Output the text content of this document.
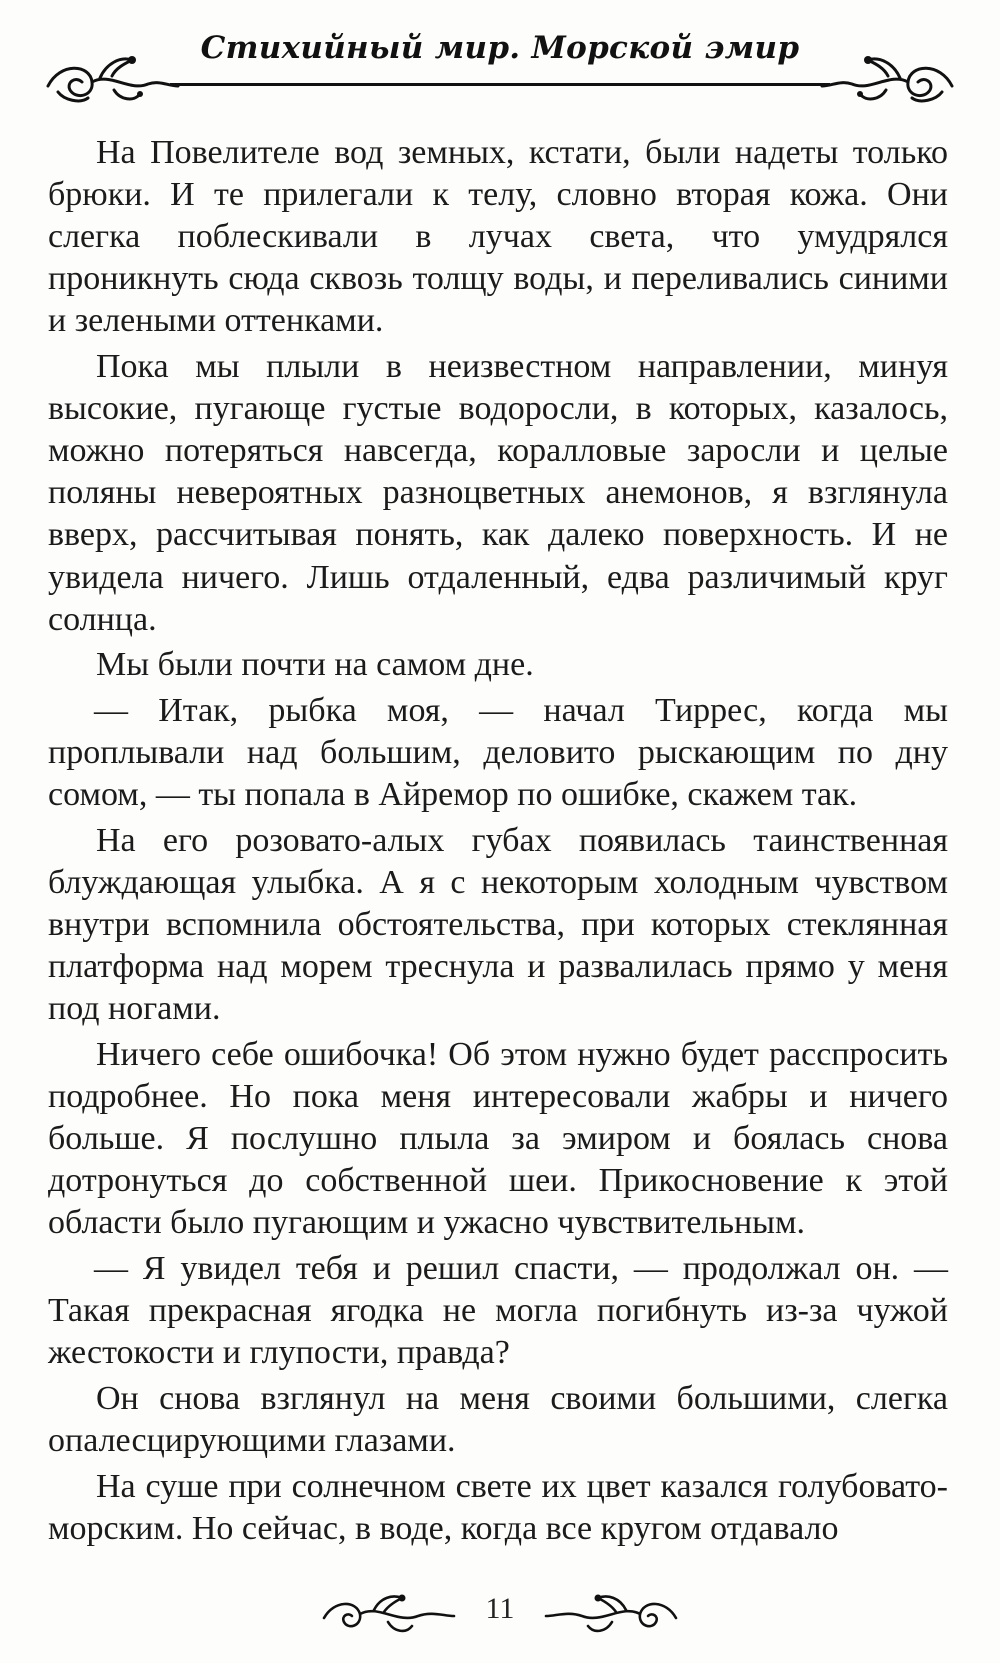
Стихийный мир. Морской эмир

На Повелителе вод земных, кстати, были надеты только брюки. И те прилегали к телу, словно вторая кожа. Они слегка поблескивали в лучах света, что умудрялся проникнуть сюда сквозь толщу воды, и переливались синими и зелеными оттенками.

Пока мы плыли в неизвестном направлении, минуя высокие, пугающе густые водоросли, в которых, казалось, можно потеряться навсегда, коралловые заросли и целые поляны невероятных разноцветных анемонов, я взглянула вверх, рассчитывая понять, как далеко поверхность. И не увидела ничего. Лишь отдаленный, едва различимый круг солнца.

Мы были почти на самом дне.

— Итак, рыбка моя, — начал Тиррес, когда мы проплывали над большим, деловито рыскающим по дну сомом, — ты попала в Айремор по ошибке, скажем так.

На его розовато-алых губах появилась таинственная блуждающая улыбка. А я с некоторым холодным чувством внутри вспомнила обстоятельства, при которых стеклянная платформа над морем треснула и развалилась прямо у меня под ногами.

Ничего себе ошибочка! Об этом нужно будет расспросить подробнее. Но пока меня интересовали жабры и ничего больше. Я послушно плыла за эмиром и боялась снова дотронуться до собственной шеи. Прикосновение к этой области было пугающим и ужасно чувствительным.

— Я увидел тебя и решил спасти, — продолжал он. — Такая прекрасная ягодка не могла погибнуть из-за чужой жестокости и глупости, правда?

Он снова взглянул на меня своими большими, слегка опалесцирующими глазами.

На суше при солнечном свете их цвет казался голубовато-морским. Но сейчас, в воде, когда все кругом отдавало

11
